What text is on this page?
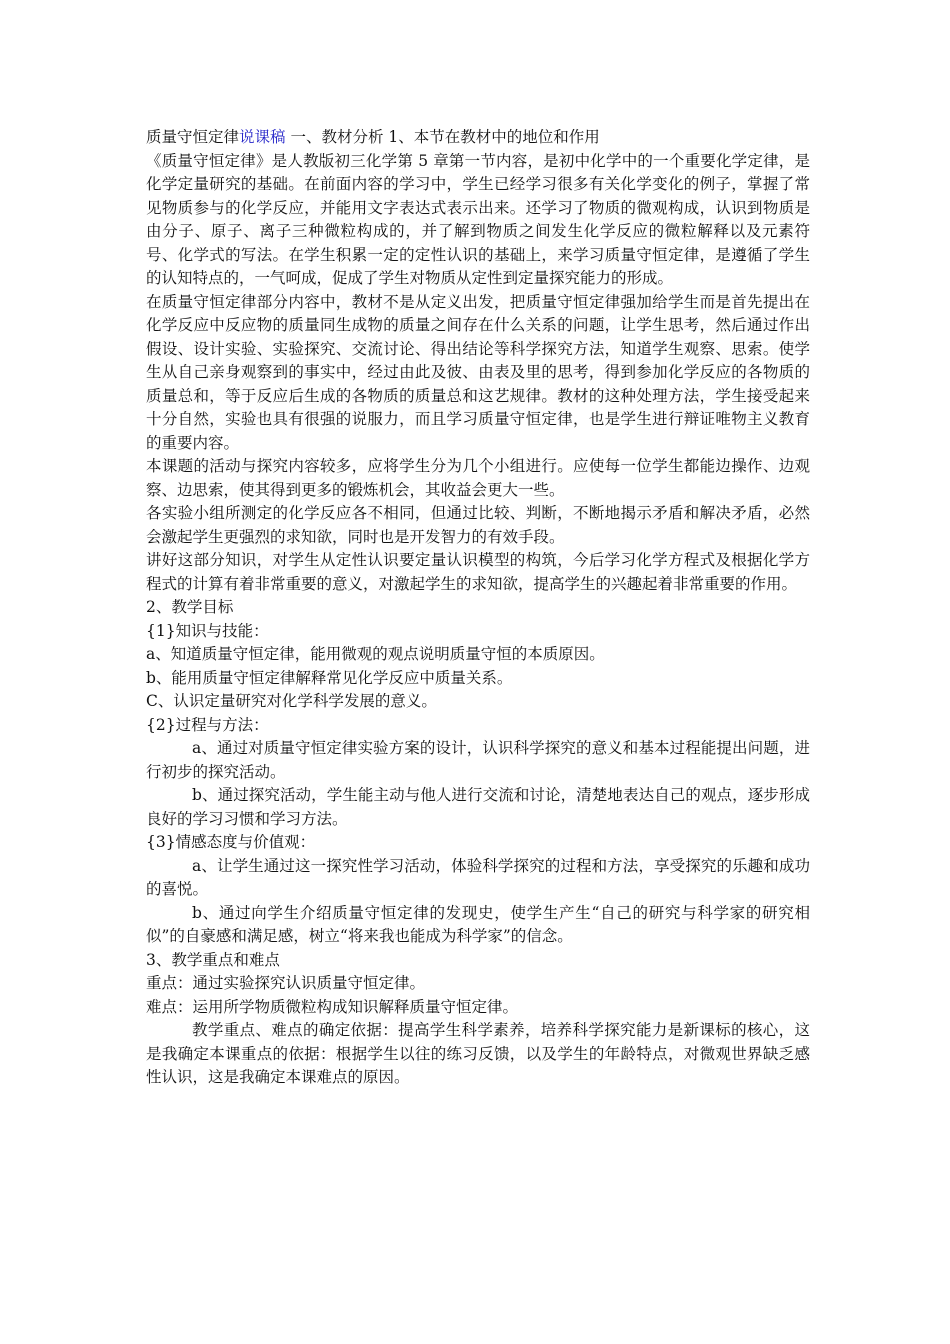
质量守恒定律说课稿 一、教材分析 1、本节在教材中的地位和作用

《质量守恒定律》是人教版初三化学第 5 章第一节内容，是初中化学中的一个重要化学定律，是化学定量研究的基础。在前面内容的学习中，学生已经学习很多有关化学变化的例子，掌握了常见物质参与的化学反应，并能用文字表达式表示出来。还学习了物质的微观构成，认识到物质是由分子、原子、离子三种微粒构成的，并了解到物质之间发生化学反应的微粒解释以及元素符号、化学式的写法。在学生积累一定的定性认识的基础上，来学习质量守恒定律，是遵循了学生的认知特点的，一气呵成，促成了学生对物质从定性到定量探究能力的形成。

在质量守恒定律部分内容中，教材不是从定义出发，把质量守恒定律强加给学生而是首先提出在化学反应中反应物的质量同生成物的质量之间存在什么关系的问题，让学生思考，然后通过作出假设、设计实验、实验探究、交流讨论、得出结论等科学探究方法，知道学生观察、思索。使学生从自己亲身观察到的事实中，经过由此及彼、由表及里的思考，得到参加化学反应的各物质的质量总和，等于反应后生成的各物质的质量总和这艺规律。教材的这种处理方法，学生接受起来十分自然，实验也具有很强的说服力，而且学习质量守恒定律，也是学生进行辩证唯物主义教育的重要内容。

本课题的活动与探究内容较多，应将学生分为几个小组进行。应使每一位学生都能边操作、边观察、边思索，使其得到更多的锻炼机会，其收益会更大一些。

各实验小组所测定的化学反应各不相同，但通过比较、判断，不断地揭示矛盾和解决矛盾，必然会激起学生更强烈的求知欲，同时也是开发智力的有效手段。

讲好这部分知识，对学生从定性认识要定量认识模型的构筑，今后学习化学方程式及根据化学方程式的计算有着非常重要的意义，对激起学生的求知欲，提高学生的兴趣起着非常重要的作用。

2、教学目标

{1}知识与技能：

a、知道质量守恒定律，能用微观的观点说明质量守恒的本质原因。

b、能用质量守恒定律解释常见化学反应中质量关系。

C、认识定量研究对化学科学发展的意义。

{2}过程与方法：

a、通过对质量守恒定律实验方案的设计，认识科学探究的意义和基本过程能提出问题，进行初步的探究活动。

b、通过探究活动，学生能主动与他人进行交流和讨论，清楚地表达自己的观点，逐步形成良好的学习习惯和学习方法。

{3}情感态度与价值观：

a、让学生通过这一探究性学习活动，体验科学探究的过程和方法，享受探究的乐趣和成功的喜悦。

b、通过向学生介绍质量守恒定律的发现史，使学生产生“自己的研究与科学家的研究相似”的自豪感和满足感，树立“将来我也能成为科学家”的信念。

3、教学重点和难点

重点：通过实验探究认识质量守恒定律。

难点：运用所学物质微粒构成知识解释质量守恒定律。

教学重点、难点的确定依据：提高学生科学素养，培养科学探究能力是新课标的核心，这是我确定本课重点的依据：根据学生以往的练习反馈，以及学生的年龄特点，对微观世界缺乏感性认识，这是我确定本课难点的原因。
